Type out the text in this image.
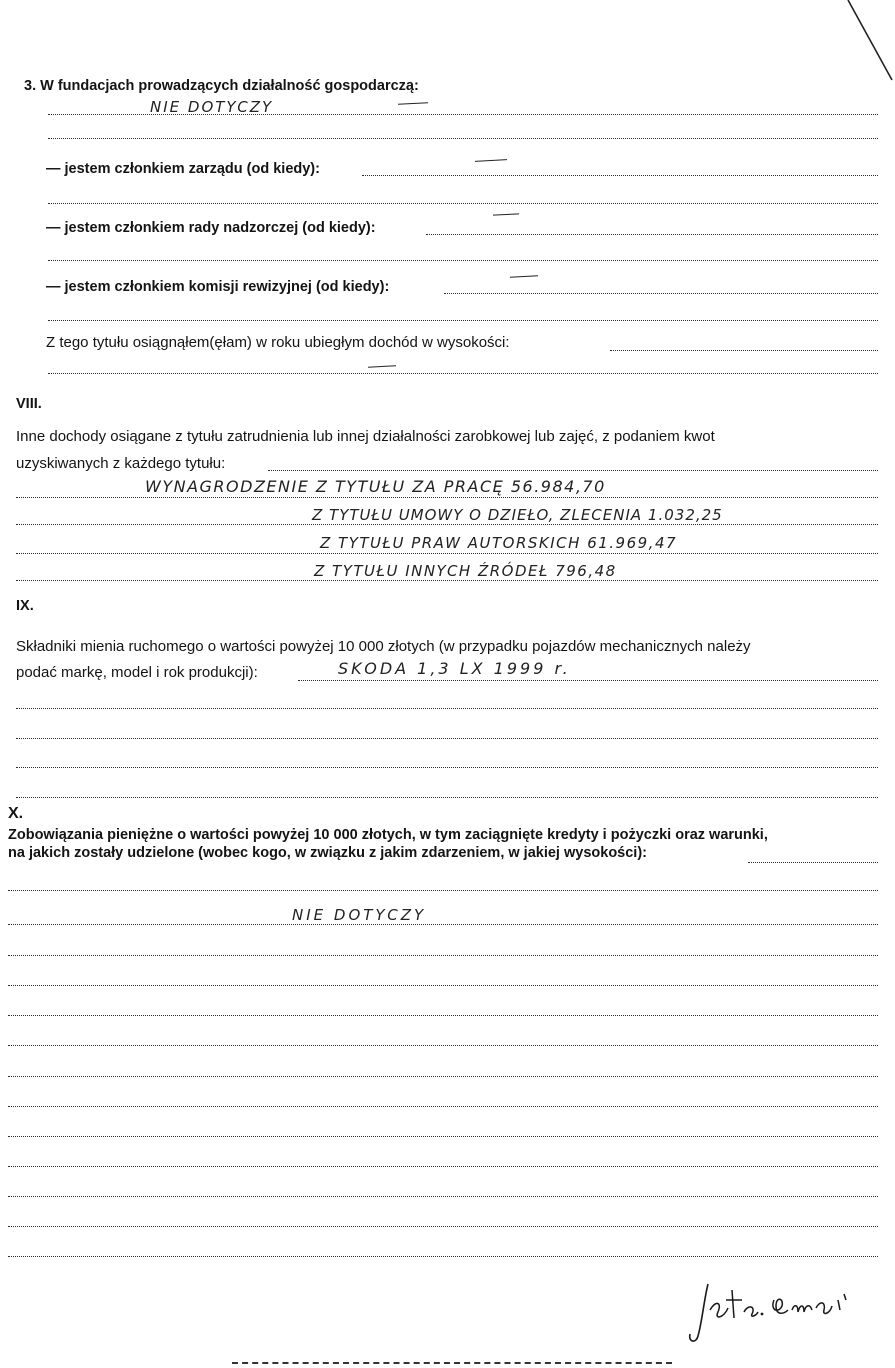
3. W fundacjach prowadzących działalność gospodarczą:
NIE DOTYCZY
— jestem członkiem zarządu (od kiedy):
— jestem członkiem rady nadzorczej (od kiedy):
— jestem członkiem komisji rewizyjnej (od kiedy):
Z tego tytułu osiągnąłem(ęłam) w roku ubiegłym dochód w wysokości:
VIII.
Inne dochody osiągane z tytułu zatrudnienia lub innej działalności zarobkowej lub zajęć, z podaniem kwot
uzyskiwanych z każdego tytułu:
WYNAGRODZENIE Z TYTUŁU ZA PRACĘ 56.984,70
Z TYTUŁU UMOWY O DZIEŁO, ZLECENIA 1.032,25
Z TYTUŁU PRAW AUTORSKICH 61.969,47
Z TYTUŁU INNYCH ŹRÓDEŁ 796,48
IX.
Składniki mienia ruchomego o wartości powyżej 10 000 złotych (w przypadku pojazdów mechanicznych należy
podać markę, model i rok produkcji):	SKODA 1,3 LX 1999 r.
X.
Zobowiązania pieniężne o wartości powyżej 10 000 złotych, w tym zaciągnięte kredyty i pożyczki oraz warunki,
na jakich zostały udzielone (wobec kogo, w związku z jakim zdarzeniem, w jakiej wysokości):
NIE DOTYCZY
